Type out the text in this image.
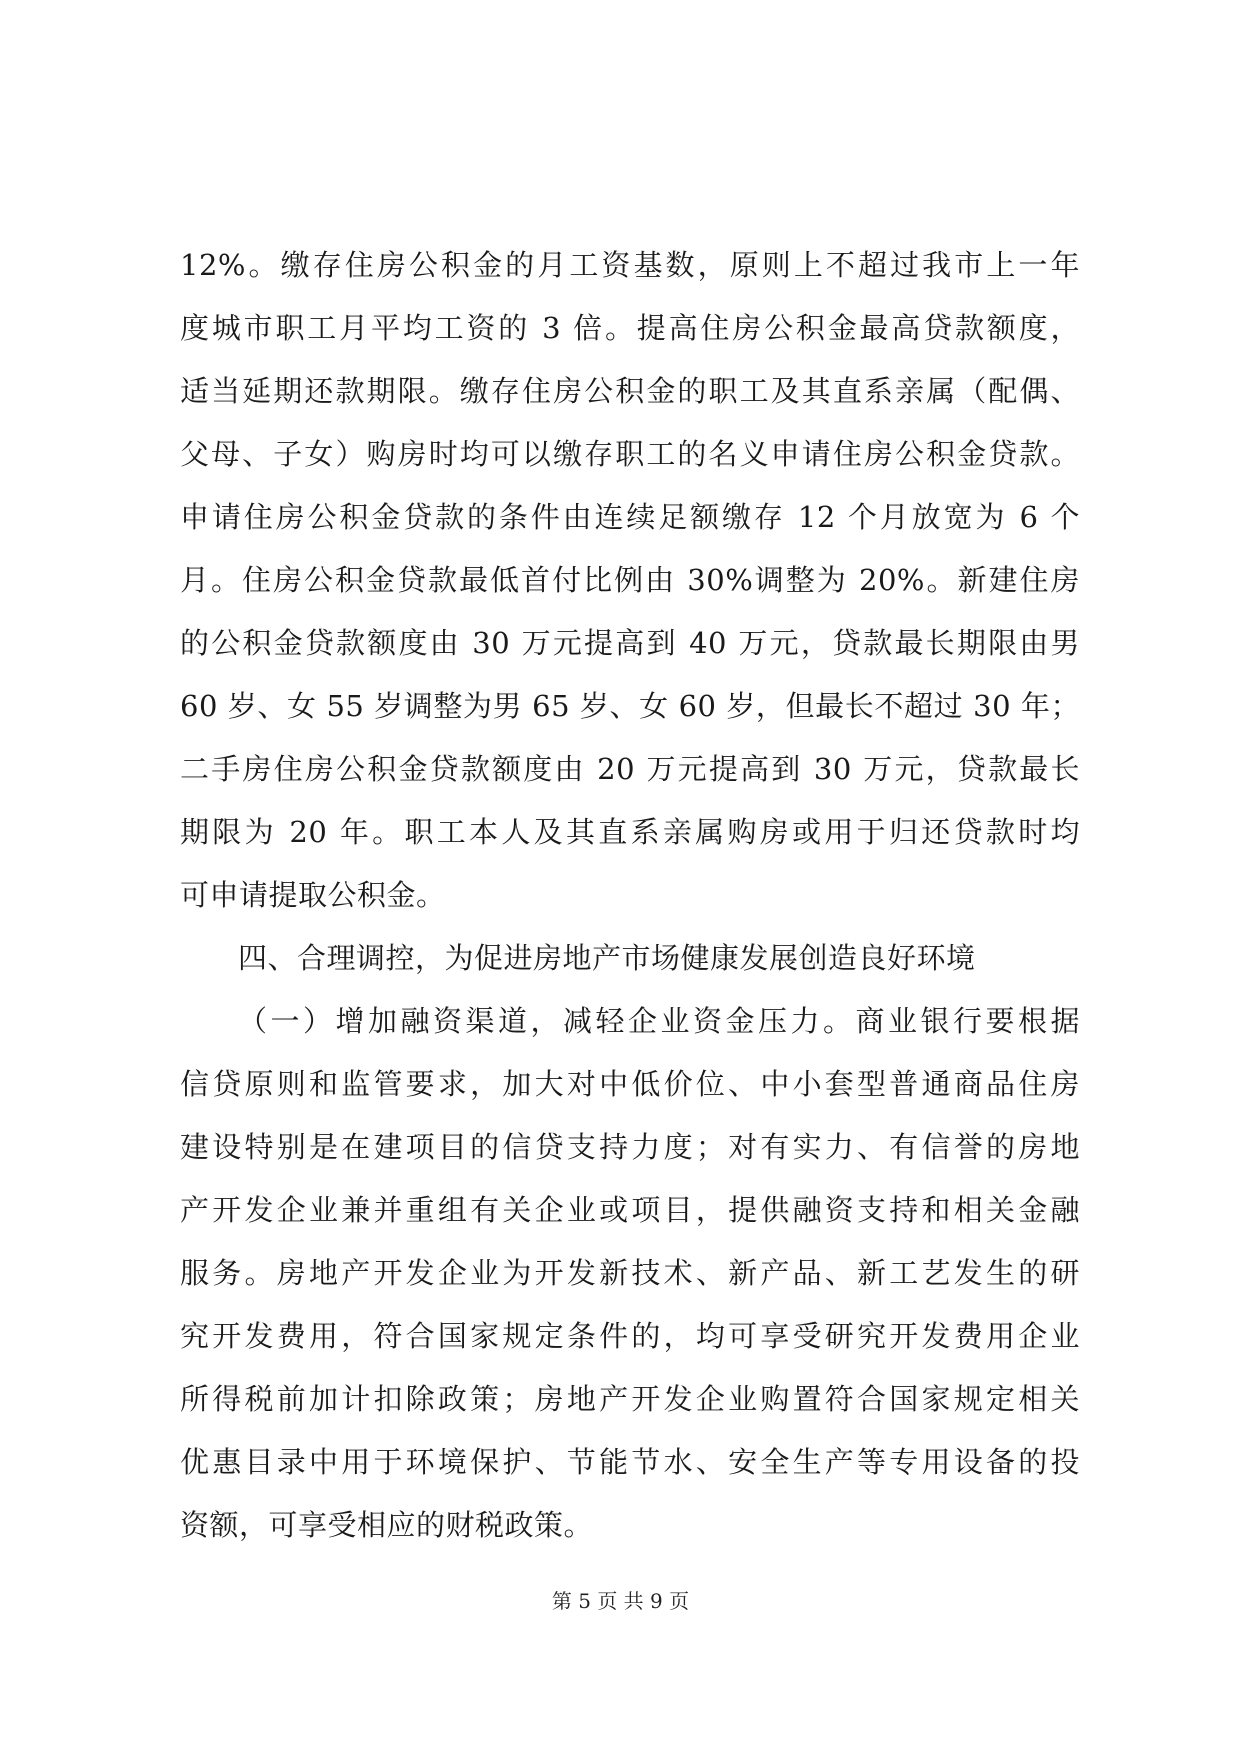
12%。缴存住房公积金的月工资基数，原则上不超过我市上一年
度城市职工月平均工资的 3 倍。提高住房公积金最高贷款额度，
适当延期还款期限。缴存住房公积金的职工及其直系亲属（配偶、
父母、子女）购房时均可以缴存职工的名义申请住房公积金贷款。
申请住房公积金贷款的条件由连续足额缴存 12 个月放宽为 6 个
月。住房公积金贷款最低首付比例由 30%调整为 20%。新建住房
的公积金贷款额度由 30 万元提高到 40 万元，贷款最长期限由男
60 岁、女 55 岁调整为男 65 岁、女 60 岁，但最长不超过 30 年；
二手房住房公积金贷款额度由 20 万元提高到 30 万元，贷款最长
期限为 20 年。职工本人及其直系亲属购房或用于归还贷款时均
可申请提取公积金。
四、合理调控，为促进房地产市场健康发展创造良好环境
（一）增加融资渠道，减轻企业资金压力。商业银行要根据
信贷原则和监管要求，加大对中低价位、中小套型普通商品住房
建设特别是在建项目的信贷支持力度；对有实力、有信誉的房地
产开发企业兼并重组有关企业或项目，提供融资支持和相关金融
服务。房地产开发企业为开发新技术、新产品、新工艺发生的研
究开发费用，符合国家规定条件的，均可享受研究开发费用企业
所得税前加计扣除政策；房地产开发企业购置符合国家规定相关
优惠目录中用于环境保护、节能节水、安全生产等专用设备的投
资额，可享受相应的财税政策。
第 5 页 共 9 页
